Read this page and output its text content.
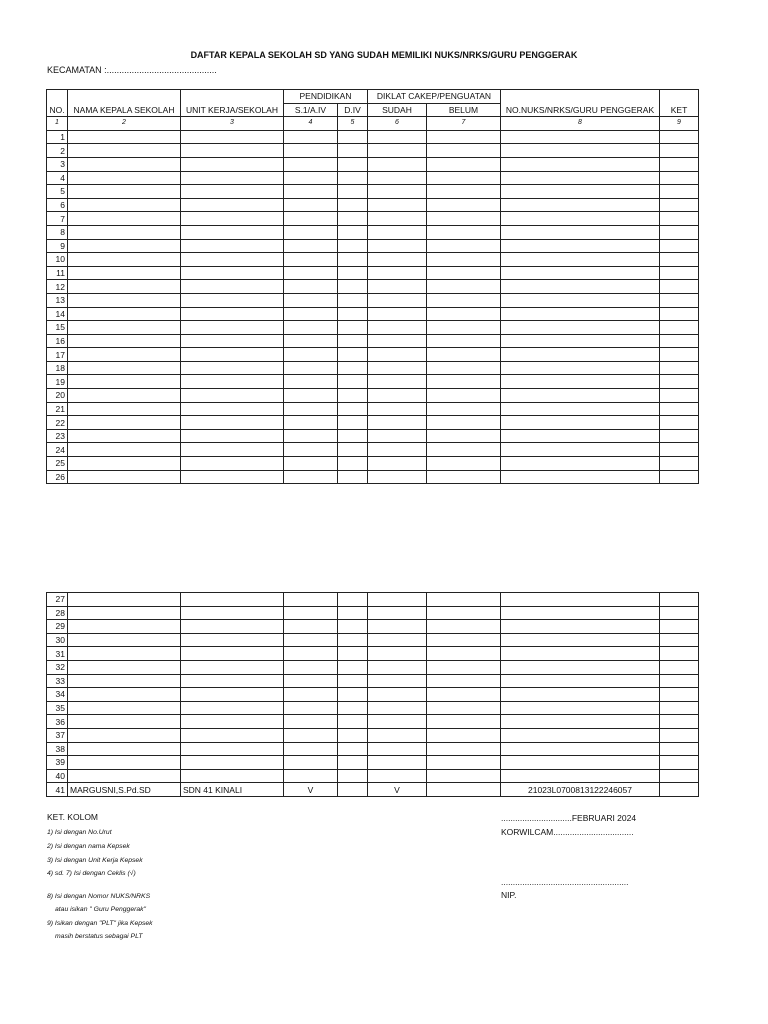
DAFTAR KEPALA SEKOLAH SD YANG SUDAH MEMILIKI NUKS/NRKS/GURU PENGGERAK
KECAMATAN :............................................
			PENDIDIKAN		DIKLAT CAKEP/PENGUATAN			
NO.	NAMA KEPALA SEKOLAH	UNIT KERJA/SEKOLAH	S.1/A.IV	D.IV	SUDAH	BELUM	NO.NUKS/NRKS/GURU PENGGERAK	KET
1	2	3	4	5	6	7	8	9
1								
2								
3								
4								
5								
6								
7								
8								
9								
10								
11								
12								
13								
14								
15								
16								
17								
18								
19								
20								
21								
22								
23								
24								
25								
26								
27								
28								
29								
30								
31								
32								
33								
34								
35								
36								
37								
38								
39								
40								
41	MARGUSNI,S.Pd.SD	SDN 41 KINALI	V		V		21023L0700813122246057	
KET. KOLOM
1) Isi dengan No.Urut
2) Isi dengan nama Kepsek
3) Isi dengan Unit Kerja Kepsek
4) sd. 7) Isi dengan Ceklis (√)
8) Isi dengan Nomor NUKS/NRKS
atau isikan " Guru Penggerak"
9) Isikan dengan "PLT" jika Kepsek
masih berstatus sebagai PLT
..............................FEBRUARI 2024
KORWILCAM..................................
......................................................
NIP.
